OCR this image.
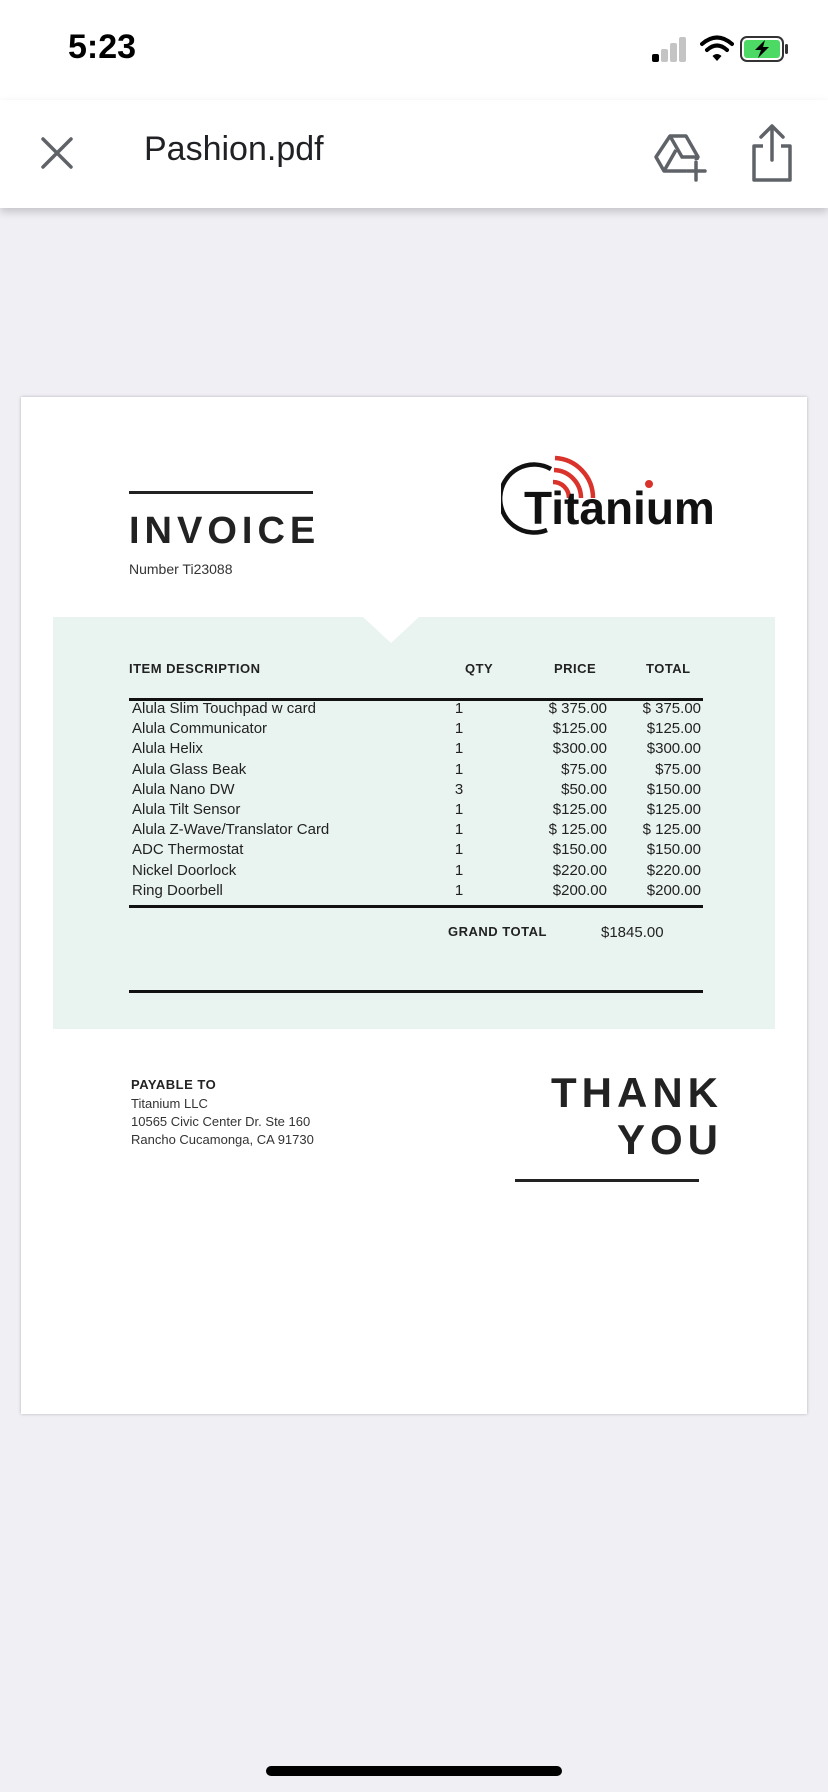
5:23
Pashion.pdf
INVOICE
Number Ti23088
Titanium
ITEM DESCRIPTION	QTY	PRICE	TOTAL
Alula Slim Touchpad w card	1	$ 375.00	$ 375.00
Alula Communicator	1	$125.00	$125.00
Alula Helix	1	$300.00	$300.00
Alula Glass Beak	1	$75.00	$75.00
Alula Nano DW	3	$50.00	$150.00
Alula Tilt Sensor	1	$125.00	$125.00
Alula Z-Wave/Translator Card	1	$ 125.00	$ 125.00
ADC Thermostat	1	$150.00	$150.00
Nickel Doorlock	1	$220.00	$220.00
Ring Doorbell	1	$200.00	$200.00
GRAND TOTAL	$1845.00
PAYABLE TO
Titanium LLC
10565 Civic Center Dr. Ste 160
Rancho Cucamonga, CA 91730
THANK
YOU
